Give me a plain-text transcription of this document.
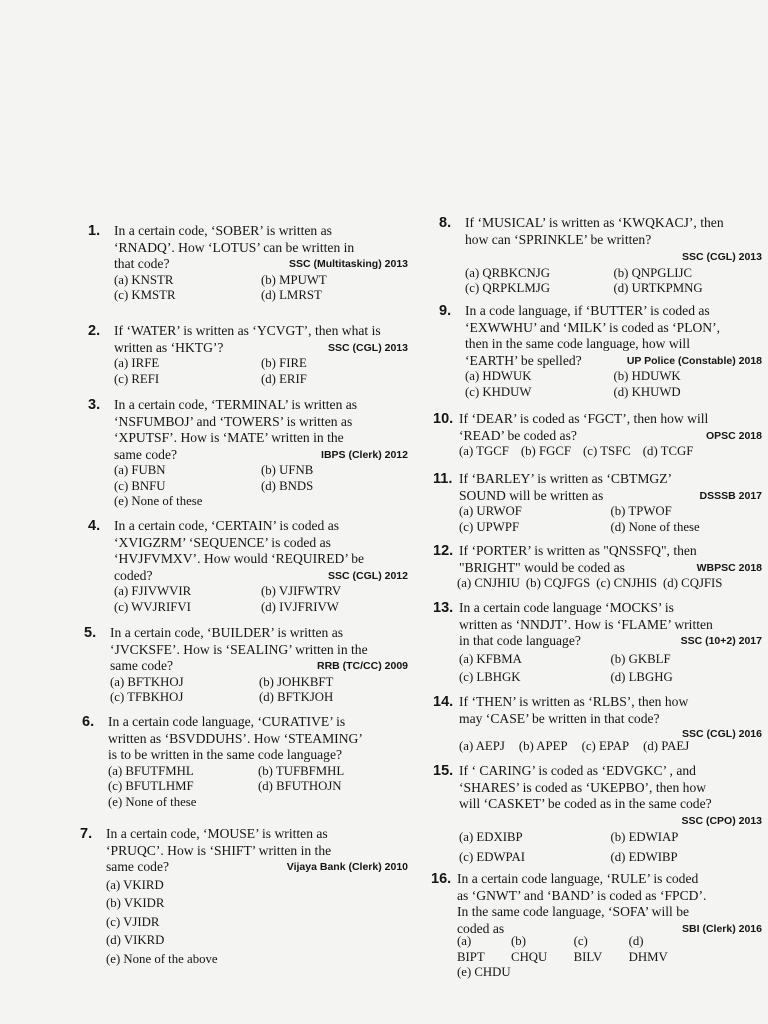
1. In a certain code, ‘SOBER’ is written as
‘RNADQ’. How ‘LOTUS’ can be written in
SSC (Multitasking) 2013
that code?
(a) KNSTR	(b) MPUWT
(c) KMSTR	(d) LMRST
2. If ‘WATER’ is written as ‘YCVGT’, then what is
SSC (CGL) 2013
written as ‘HKTG’?
(a) IRFE	(b) FIRE
(c) REFI	(d) ERIF
3. In a certain code, ‘TERMINAL’ is written as
‘NSFUMBOJ’ and ‘TOWERS’ is written as
‘XPUTSF’. How is ‘MATE’ written in the
IBPS (Clerk) 2012
same code?
(a) FUBN	(b) UFNB
(c) BNFU	(d) BNDS
(e) None of these
4. In a certain code, ‘CERTAIN’ is coded as
‘XVIGZRM’ ‘SEQUENCE’ is coded as
‘HVJFVMXV’. How would ‘REQUIRED’ be
SSC (CGL) 2012
coded?
(a) FJIVWVIR	(b) VJIFWTRV
(c) WVJRIFVI	(d) IVJFRIVW
5. In a certain code, ‘BUILDER’ is written as
‘JVCKSFE’. How is ‘SEALING’ written in the
RRB (TC/CC) 2009
same code?
(a) BFTKHOJ	(b) JOHKBFT
(c) TFBKHOJ	(d) BFTKJOH
6. In a certain code language, ‘CURATIVE’ is
written as ‘BSVDDUHS’. How ‘STEAMING’
is to be written in the same code language?
(a) BFUTFMHL	(b) TUFBFMHL
(c) BFUTLHMF	(d) BFUTHOJN
(e) None of these
7. In a certain code, ‘MOUSE’ is written as
‘PRUQC’. How is ‘SHIFT’ written in the
Vijaya Bank (Clerk) 2010
same code?
(a) VKIRD
(b) VKIDR
(c) VJIDR
(d) VIKRD
(e) None of the above
8. If ‘MUSICAL’ is written as ‘KWQKACJ’, then
how can ‘SPRINKLE’ be written?
SSC (CGL) 2013
(a) QRBKCNJG	(b) QNPGLIJC
(c) QRPKLMJG	(d) URTKPMNG
9. In a code language, if ‘BUTTER’ is coded as
‘EXWWHU’ and ‘MILK’ is coded as ‘PLON’,
then in the same code language, how will
UP Police (Constable) 2018
‘EARTH’ be spelled?
(a) HDWUK	(b) HDUWK
(c) KHDUW	(d) KHUWD
10. If ‘DEAR’ is coded as ‘FGCT’, then how will
OPSC 2018
‘READ’ be coded as?
(a) TGCF (b) FGCF (c) TSFC (d) TCGF
11. If ‘BARLEY’ is written as ‘CBTMGZ’
DSSSB 2017
SOUND will be written as
(a) URWOF	(b) TPWOF
(c) UPWPF	(d) None of these
12. If ‘PORTER’ is written as "QNSSFQ", then
WBPSC 2018
"BRIGHT" would be coded as
(a) CNJHIU (b) CQJFGS (c) CNJHIS (d) CQJFIS
13. In a certain code language ‘MOCKS’ is
written as ‘NNDJT’. How is ‘FLAME’ written
SSC (10+2) 2017
in that code language?
(a) KFBMA	(b) GKBLF
(c) LBHGK	(d) LBGHG
14. If ‘THEN’ is written as ‘RLBS’, then how
may ‘CASE’ be written in that code?
SSC (CGL) 2016
(a) AEPJ (b) APEP (c) EPAP (d) PAEJ
15. If ‘ CARING’ is coded as ‘EDVGKC’ , and
‘SHARES’ is coded as ‘UKEPBO’, then how
will ‘CASKET’ be coded as in the same code?
SSC (CPO) 2013
(a) EDXIBP	(b) EDWIAP
(c) EDWPAI	(d) EDWIBP
16. In a certain code language, ‘RULE’ is coded
as ‘GNWT’ and ‘BAND’ is coded as ‘FPCD’.
In the same code language, ‘SOFA’ will be
SBI (Clerk) 2016
coded as
(a) BIPT
(b) CHQU
(c) BILV
(d) DHMV
(e) CHDU
